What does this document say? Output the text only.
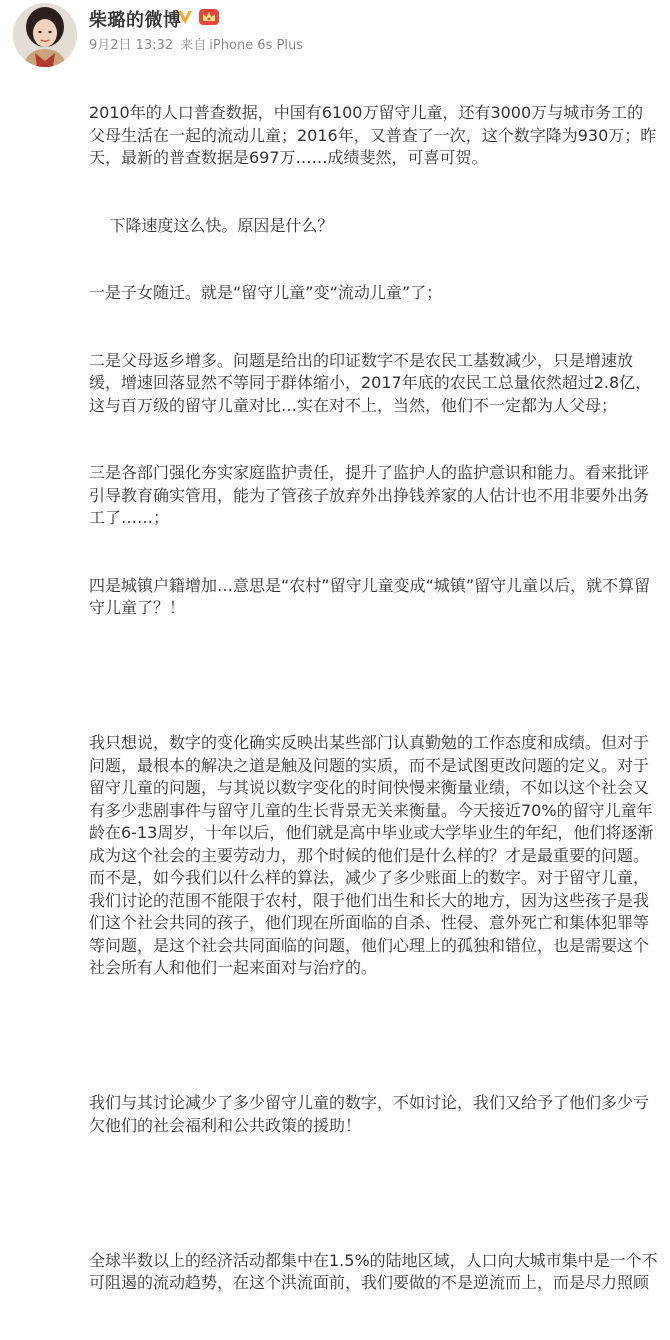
柴璐的微博
9月2日 13:32 来自 iPhone 6s Plus

2010年的人口普查数据，中国有6100万留守儿童，还有3000万与城市务工的父母生活在一起的流动儿童；2016年，又普查了一次，这个数字降为930万；昨天，最新的普查数据是697万……成绩斐然，可喜可贺。

下降速度这么快。原因是什么？

一是子女随迁。就是“留守儿童”变“流动儿童”了；

二是父母返乡增多。问题是给出的印证数字不是农民工基数减少，只是增速放缓，增速回落显然不等同于群体缩小，2017年底的农民工总量依然超过2.8亿，这与百万级的留守儿童对比…实在对不上，当然，他们不一定都为人父母；

三是各部门强化夯实家庭监护责任，提升了监护人的监护意识和能力。看来批评引导教育确实管用，能为了管孩子放弃外出挣钱养家的人估计也不用非要外出务工了……；

四是城镇户籍增加…意思是“农村”留守儿童变成“城镇”留守儿童以后，就不算留守儿童了？！

我只想说，数字的变化确实反映出某些部门认真勤勉的工作态度和成绩。但对于问题，最根本的解决之道是触及问题的实质，而不是试图更改问题的定义。对于留守儿童的问题，与其说以数字变化的时间快慢来衡量业绩，不如以这个社会又有多少悲剧事件与留守儿童的生长背景无关来衡量。今天接近70%的留守儿童年龄在6-13周岁，十年以后，他们就是高中毕业或大学毕业生的年纪，他们将逐渐成为这个社会的主要劳动力，那个时候的他们是什么样的？才是最重要的问题。而不是，如今我们以什么样的算法，减少了多少账面上的数字。对于留守儿童，我们讨论的范围不能限于农村，限于他们出生和长大的地方，因为这些孩子是我们这个社会共同的孩子，他们现在所面临的自杀、性侵、意外死亡和集体犯罪等等问题，是这个社会共同面临的问题，他们心理上的孤独和错位，也是需要这个社会所有人和他们一起来面对与治疗的。

我们与其讨论减少了多少留守儿童的数字，不如讨论，我们又给予了他们多少亏欠他们的社会福利和公共政策的援助！

全球半数以上的经济活动都集中在1.5%的陆地区域，人口向大城市集中是一个不可阻遏的流动趋势，在这个洪流面前，我们要做的不是逆流而上，而是尽力照顾
